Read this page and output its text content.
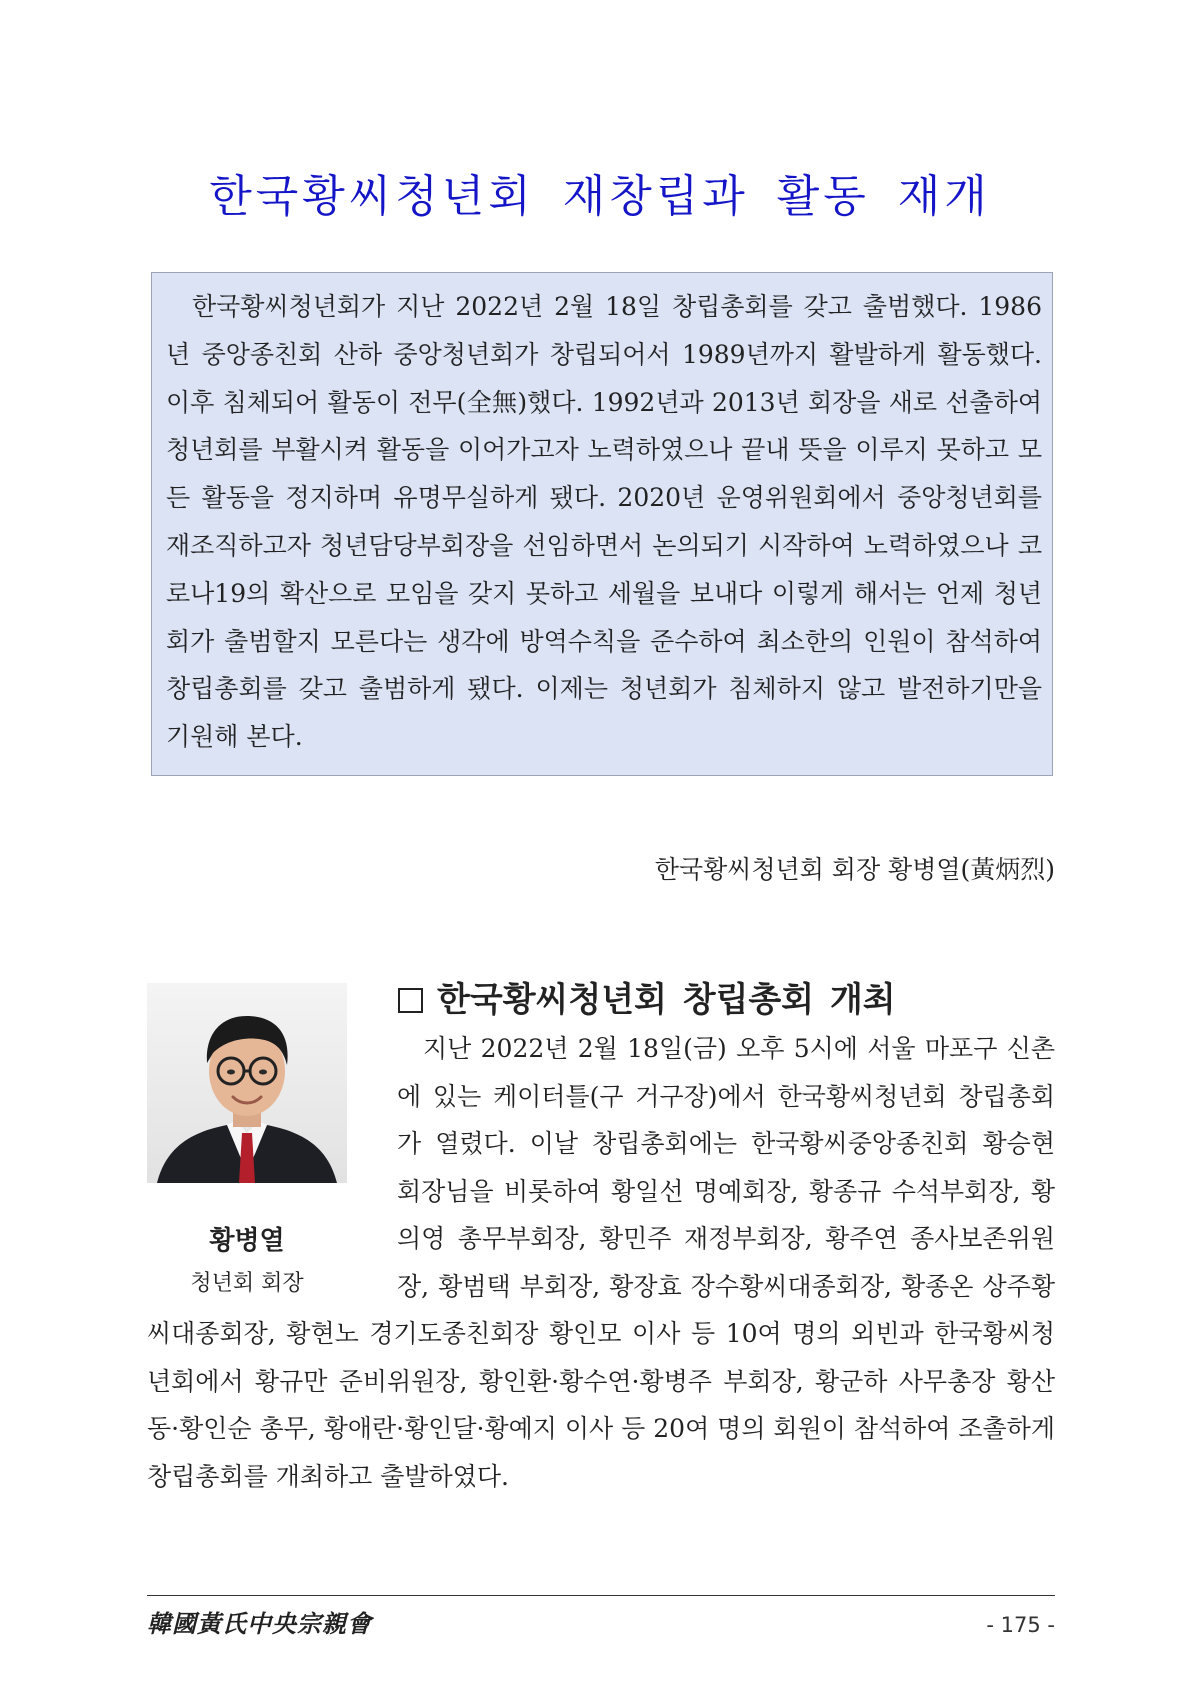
한국황씨청년회 재창립과 활동 재개
한국황씨청년회가 지난 2022년 2월 18일 창립총회를 갖고 출범했다. 1986년 중앙종친회 산하 중앙청년회가 창립되어서 1989년까지 활발하게 활동했다. 이후 침체되어 활동이 전무(全無)했다. 1992년과 2013년 회장을 새로 선출하여 청년회를 부활시켜 활동을 이어가고자 노력하였으나 끝내 뜻을 이루지 못하고 모든 활동을 정지하며 유명무실하게 됐다. 2020년 운영위원회에서 중앙청년회를 재조직하고자 청년담당부회장을 선임하면서 논의되기 시작하여 노력하였으나 코로나19의 확산으로 모임을 갖지 못하고 세월을 보내다 이렇게 해서는 언제 청년회가 출범할지 모른다는 생각에 방역수칙을 준수하여 최소한의 인원이 참석하여 창립총회를 갖고 출범하게 됐다. 이제는 청년회가 침체하지 않고 발전하기만을 기원해 본다.
한국황씨청년회 회장 황병열(黃炳烈)
황병열
청년회 회장
한국황씨청년회 창립총회 개최

지난 2022년 2월 18일(금) 오후 5시에 서울 마포구 신촌에 있는 케이터틀(구 거구장)에서 한국황씨청년회 창립총회가 열렸다. 이날 창립총회에는 한국황씨중앙종친회 황승현 회장님을 비롯하여 황일선 명예회장, 황종규 수석부회장, 황의영 총무부회장, 황민주 재정부회장, 황주연 종사보존위원장, 황범택 부회장, 황장효 장수황씨대종회장, 황종온 상주황씨대종회장, 황현노 경기도종친회장 황인모 이사 등 10여 명의 외빈과 한국황씨청년회에서 황규만 준비위원장, 황인환·황수연·황병주 부회장, 황군하 사무총장 황산동·황인순 총무, 황애란·황인달·황예지 이사 등 20여 명의 회원이 참석하여 조촐하게 창립총회를 개최하고 출발하였다.

韓國黃氏中央宗親會	- 175 -
